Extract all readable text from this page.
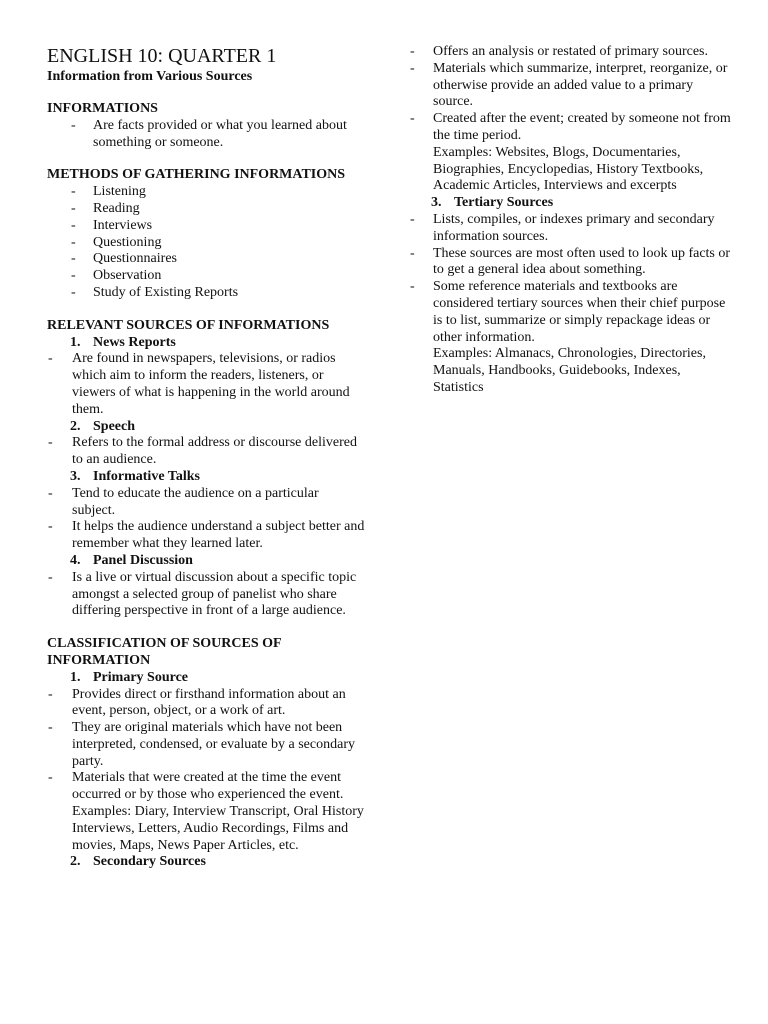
ENGLISH 10: QUARTER 1
Information from Various Sources
INFORMATIONS
- Are facts provided or what you learned about something or someone.
METHODS OF GATHERING INFORMATIONS
- Listening
- Reading
- Interviews
- Questioning
- Questionnaires
- Observation
- Study of Existing Reports
RELEVANT SOURCES OF INFORMATIONS
1. News Reports
- Are found in newspapers, televisions, or radios which aim to inform the readers, listeners, or viewers of what is happening in the world around them.
2. Speech
- Refers to the formal address or discourse delivered to an audience.
3. Informative Talks
- Tend to educate the audience on a particular subject.
- It helps the audience understand a subject better and remember what they learned later.
4. Panel Discussion
- Is a live or virtual discussion about a specific topic amongst a selected group of panelist who share differing perspective in front of a large audience.
CLASSIFICATION OF SOURCES OF INFORMATION
1. Primary Source
- Provides direct or firsthand information about an event, person, object, or a work of art.
- They are original materials which have not been interpreted, condensed, or evaluate by a secondary party.
- Materials that were created at the time the event occurred or by those who experienced the event.
Examples: Diary, Interview Transcript, Oral History Interviews, Letters, Audio Recordings, Films and movies, Maps, News Paper Articles, etc.
2. Secondary Sources
- Offers an analysis or restated of primary sources.
- Materials which summarize, interpret, reorganize, or otherwise provide an added value to a primary source.
- Created after the event; created by someone not from the time period.
Examples: Websites, Blogs, Documentaries, Biographies, Encyclopedias, History Textbooks, Academic Articles, Interviews and excerpts
3. Tertiary Sources
- Lists, compiles, or indexes primary and secondary information sources.
- These sources are most often used to look up facts or to get a general idea about something.
- Some reference materials and textbooks are considered tertiary sources when their chief purpose is to list, summarize or simply repackage ideas or other information.
Examples: Almanacs, Chronologies, Directories, Manuals, Handbooks, Guidebooks, Indexes, Statistics
